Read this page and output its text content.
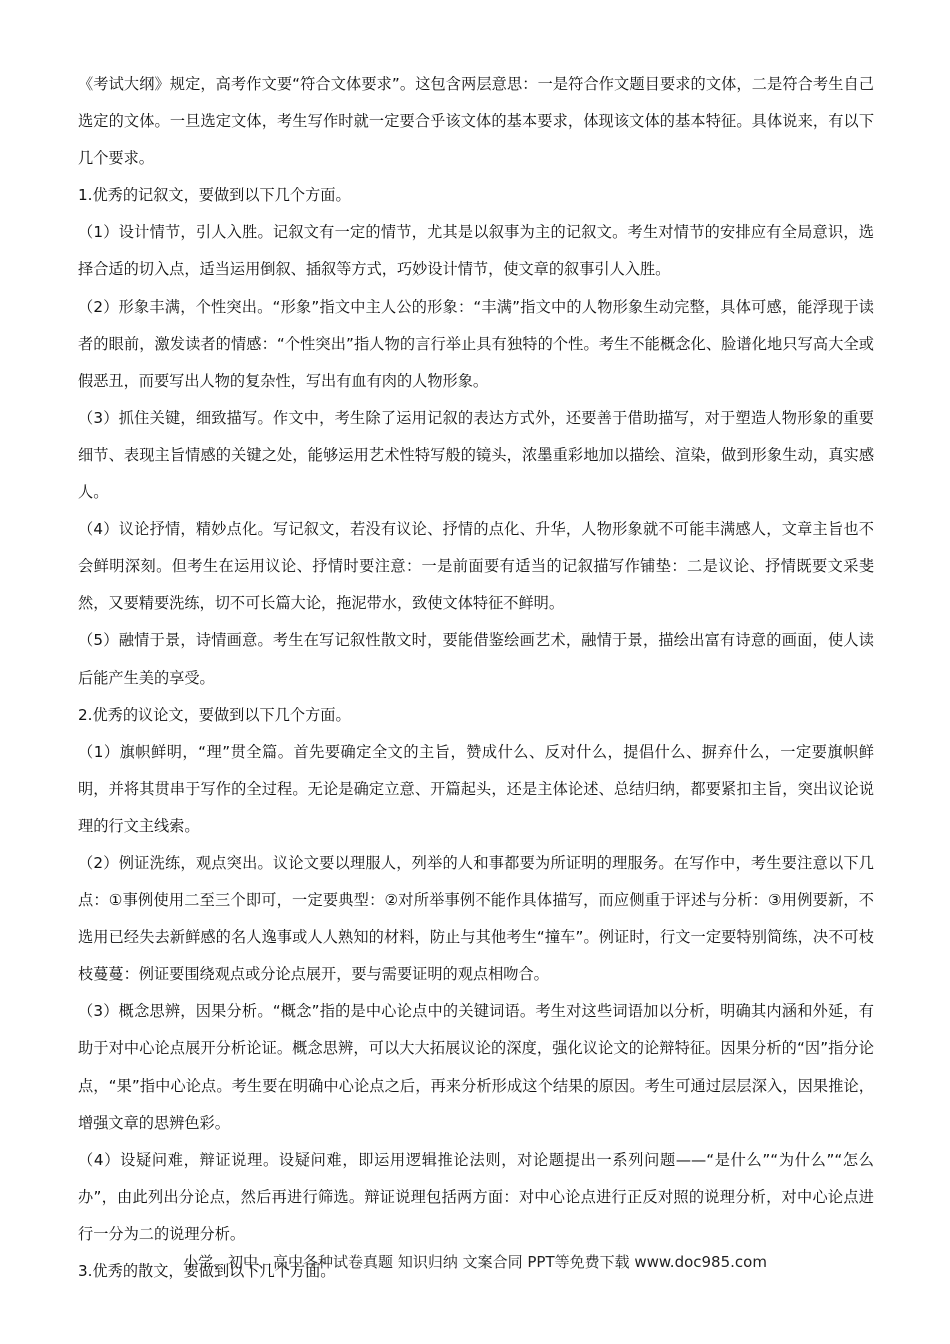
《考试大纲》规定，高考作文要“符合文体要求”。这包含两层意思：一是符合作文题目要求的文体，二是符合考生自己选定的文体。一旦选定文体，考生写作时就一定要合乎该文体的基本要求，体现该文体的基本特征。具体说来，有以下几个要求。

1.优秀的记叙文，要做到以下几个方面。

（1）设计情节，引人入胜。记叙文有一定的情节，尤其是以叙事为主的记叙文。考生对情节的安排应有全局意识，选择合适的切入点，适当运用倒叙、插叙等方式，巧妙设计情节，使文章的叙事引人入胜。

（2）形象丰满，个性突出。“形象”指文中主人公的形象：“丰满”指文中的人物形象生动完整，具体可感，能浮现于读者的眼前，激发读者的情感：“个性突出”指人物的言行举止具有独特的个性。考生不能概念化、脸谱化地只写高大全或假恶丑，而要写出人物的复杂性，写出有血有肉的人物形象。

（3）抓住关键，细致描写。作文中，考生除了运用记叙的表达方式外，还要善于借助描写，对于塑造人物形象的重要细节、表现主旨情感的关键之处，能够运用艺术性特写般的镜头，浓墨重彩地加以描绘、渲染，做到形象生动，真实感人。

（4）议论抒情，精妙点化。写记叙文，若没有议论、抒情的点化、升华，人物形象就不可能丰满感人，文章主旨也不会鲜明深刻。但考生在运用议论、抒情时要注意：一是前面要有适当的记叙描写作铺垫：二是议论、抒情既要文采斐然，又要精要洗练，切不可长篇大论，拖泥带水，致使文体特征不鲜明。

（5）融情于景，诗情画意。考生在写记叙性散文时，要能借鉴绘画艺术，融情于景，描绘出富有诗意的画面，使人读后能产生美的享受。

2.优秀的议论文，要做到以下几个方面。

（1）旗帜鲜明，“理”贯全篇。首先要确定全文的主旨，赞成什么、反对什么，提倡什么、摒弃什么，一定要旗帜鲜明，并将其贯串于写作的全过程。无论是确定立意、开篇起头，还是主体论述、总结归纳，都要紧扣主旨，突出议论说理的行文主线索。

（2）例证洗练，观点突出。议论文要以理服人，列举的人和事都要为所证明的理服务。在写作中，考生要注意以下几点：①事例使用二至三个即可，一定要典型：②对所举事例不能作具体描写，而应侧重于评述与分析：③用例要新，不选用已经失去新鲜感的名人逸事或人人熟知的材料，防止与其他考生“撞车”。例证时，行文一定要特别简练，决不可枝枝蔓蔓：例证要围绕观点或分论点展开，要与需要证明的观点相吻合。

（3）概念思辨，因果分析。“概念”指的是中心论点中的关键词语。考生对这些词语加以分析，明确其内涵和外延，有助于对中心论点展开分析论证。概念思辨，可以大大拓展议论的深度，强化议论文的论辩特征。因果分析的“因”指分论点，“果”指中心论点。考生要在明确中心论点之后，再来分析形成这个结果的原因。考生可通过层层深入，因果推论，增强文章的思辨色彩。

（4）设疑问难，辩证说理。设疑问难，即运用逻辑推论法则，对论题提出一系列问题——“是什么”“为什么”“怎么办”，由此列出分论点，然后再进行筛选。辩证说理包括两方面：对中心论点进行正反对照的说理分析，对中心论点进行一分为二的说理分析。

3.优秀的散文，要做到以下几个方面。

小学、初中、高中各种试卷真题 知识归纳 文案合同 PPT等免费下载 www.doc985.com
